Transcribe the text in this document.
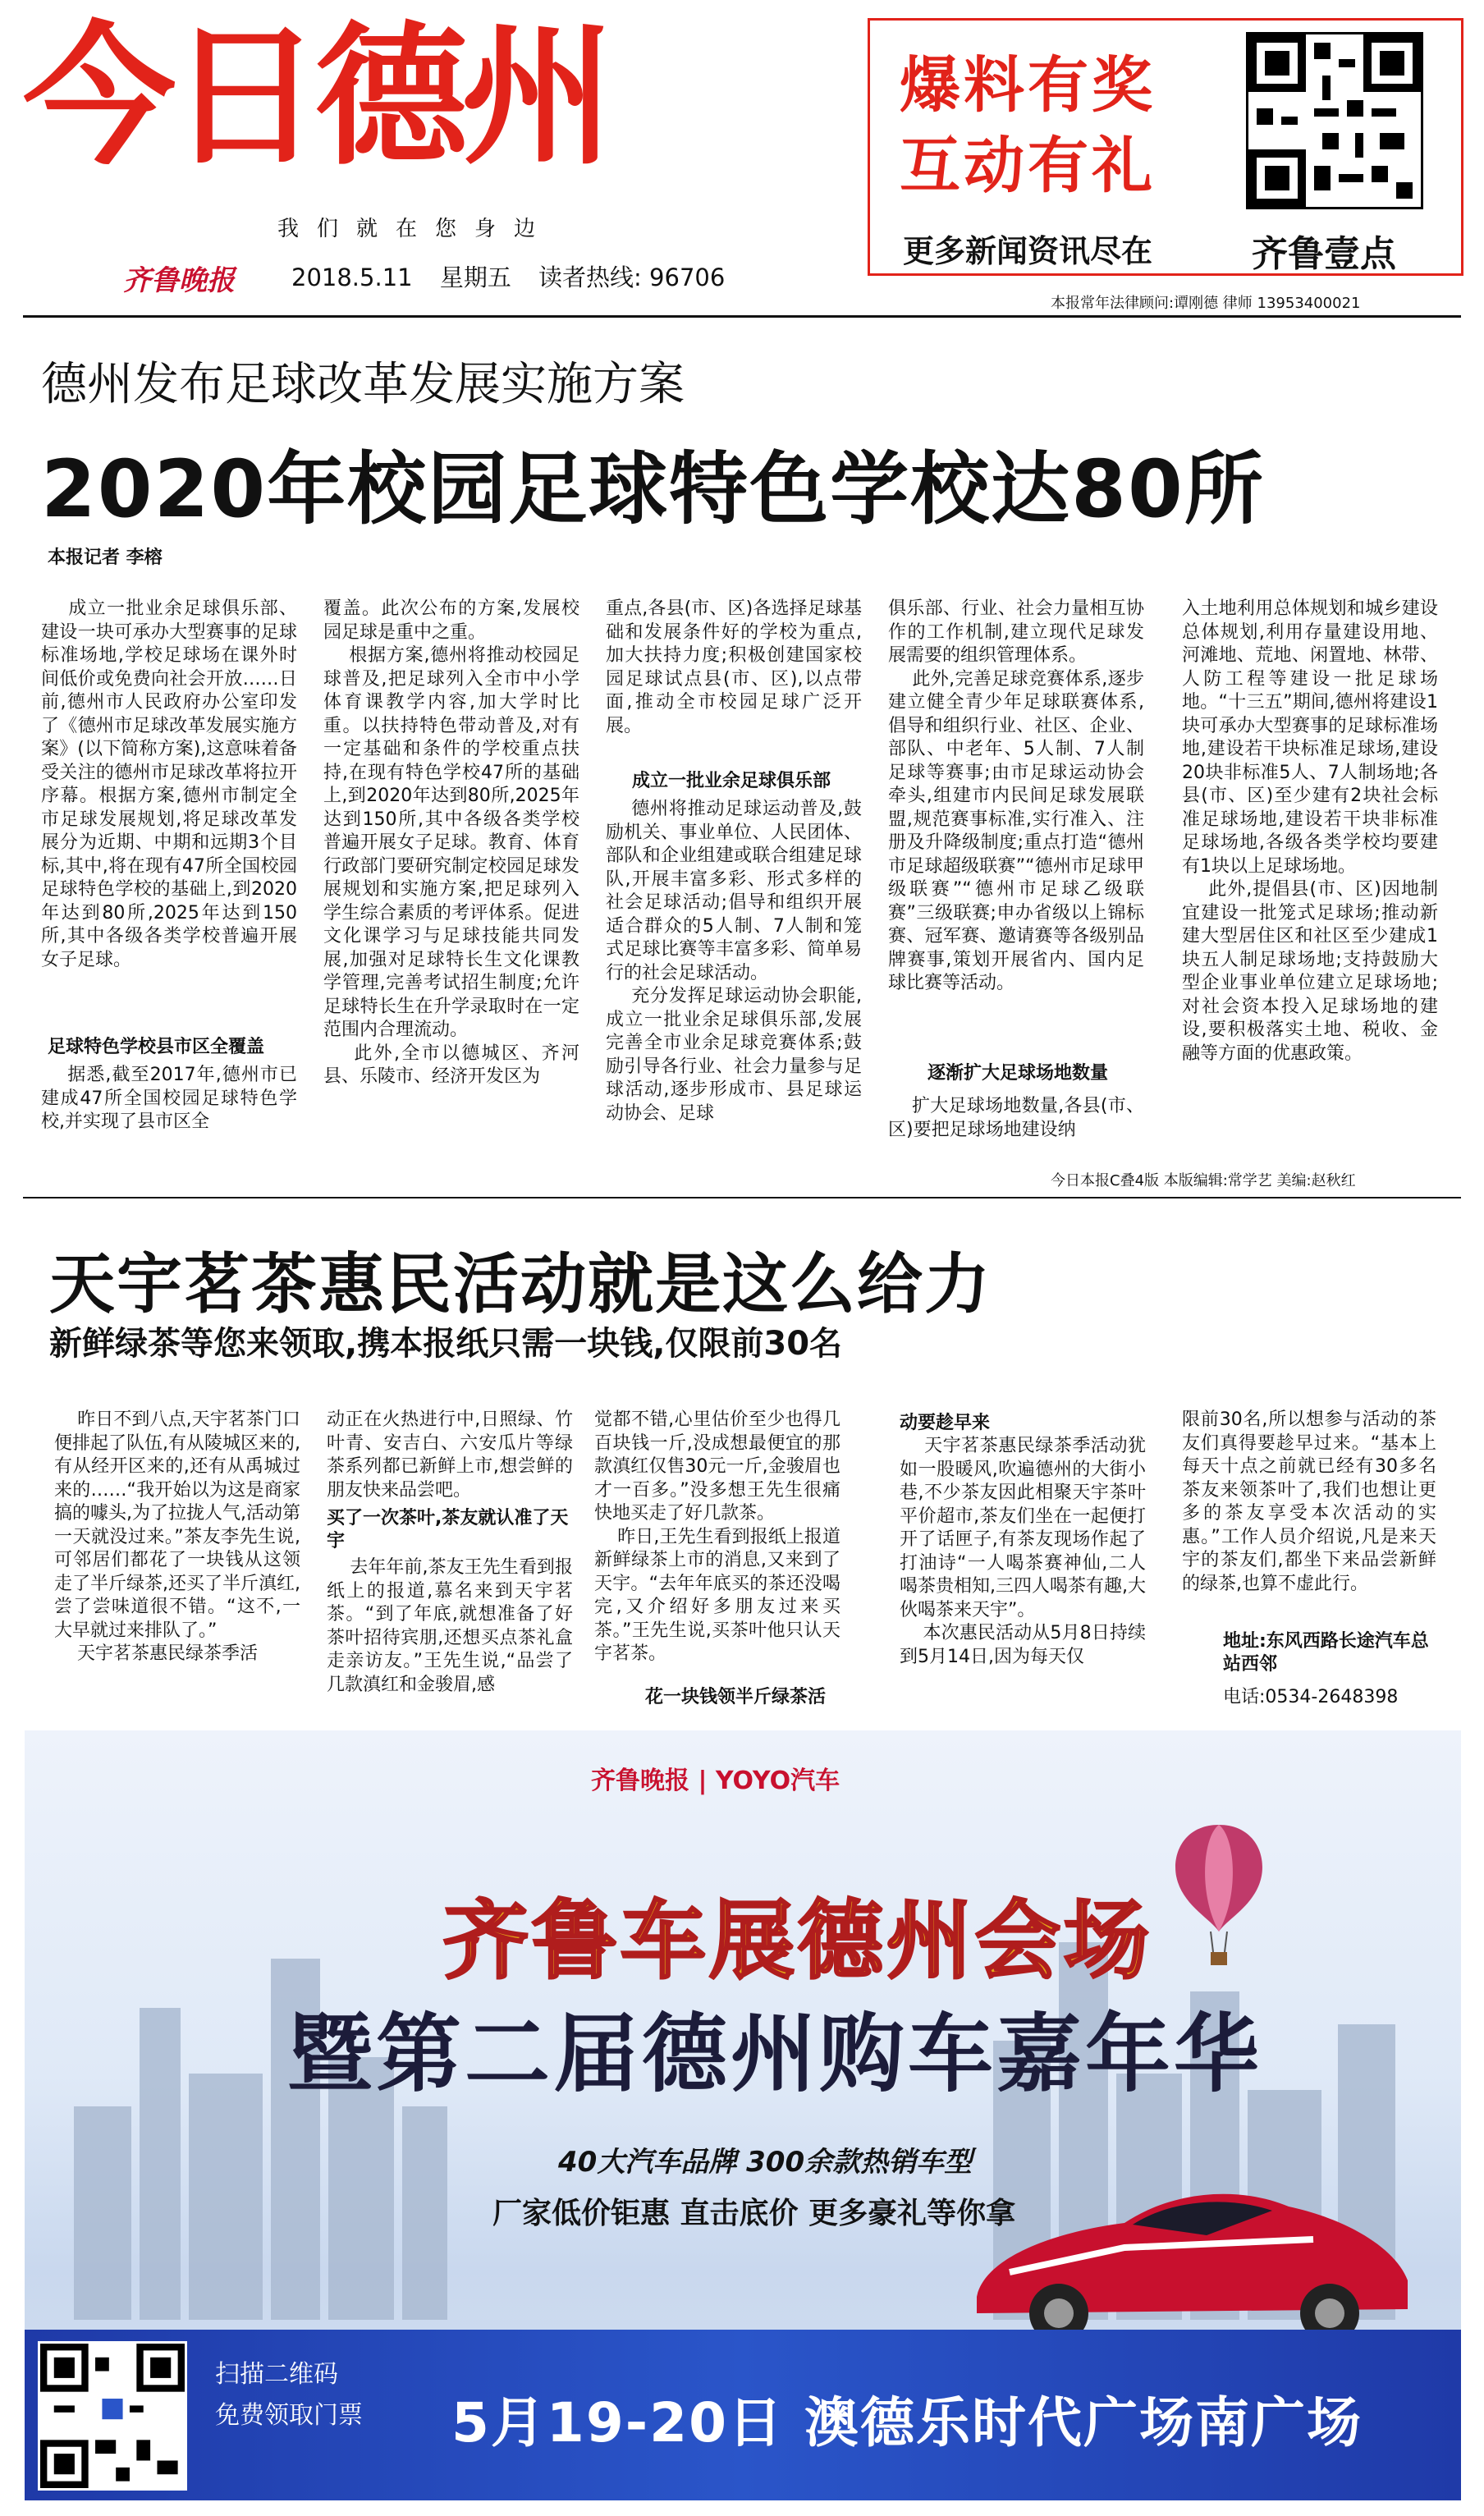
今日德州
我们就在您身边
齐鲁晚报 2018.5.11 星期五 读者热线: 96706
爆料有奖
互动有礼
更多新闻资讯尽在	齐鲁壹点
本报常年法律顾问:谭刚德 律师 13953400021
德州发布足球改革发展实施方案
2020年校园足球特色学校达80所
本报记者 李榕
成立一批业余足球俱乐部、建设一块可承办大型赛事的足球标准场地,学校足球场在课外时间低价或免费向社会开放……日前,德州市人民政府办公室印发了《德州市足球改革发展实施方案》(以下简称方案),这意味着备受关注的德州市足球改革将拉开序幕。根据方案,德州市制定全市足球发展规划,将足球改革发展分为近期、中期和远期3个目标,其中,将在现有47所全国校园足球特色学校的基础上,到2020年达到80所,2025年达到150所,其中各级各类学校普遍开展女子足球。
足球特色学校县市区全覆盖
据悉,截至2017年,德州市已建成47所全国校园足球特色学校,并实现了县市区全
覆盖。此次公布的方案,发展校园足球是重中之重。
根据方案,德州将推动校园足球普及,把足球列入全市中小学体育课教学内容,加大学时比重。以扶持特色带动普及,对有一定基础和条件的学校重点扶持,在现有特色学校47所的基础上,到2020年达到80所,2025年达到150所,其中各级各类学校普遍开展女子足球。教育、体育行政部门要研究制定校园足球发展规划和实施方案,把足球列入学生综合素质的考评体系。促进文化课学习与足球技能共同发展,加强对足球特长生文化课教学管理,完善考试招生制度;允许足球特长生在升学录取时在一定范围内合理流动。
此外,全市以德城区、齐河县、乐陵市、经济开发区为
重点,各县(市、区)各选择足球基础和发展条件好的学校为重点,加大扶持力度;积极创建国家校园足球试点县(市、区),以点带面,推动全市校园足球广泛开展。
成立一批业余足球俱乐部
德州将推动足球运动普及,鼓励机关、事业单位、人民团体、部队和企业组建或联合组建足球队,开展丰富多彩、形式多样的社会足球活动;倡导和组织开展适合群众的5人制、7人制和笼式足球比赛等丰富多彩、简单易行的社会足球活动。
充分发挥足球运动协会职能,成立一批业余足球俱乐部,发展完善全市业余足球竞赛体系;鼓励引导各行业、社会力量参与足球活动,逐步形成市、县足球运动协会、足球
俱乐部、行业、社会力量相互协作的工作机制,建立现代足球发展需要的组织管理体系。
此外,完善足球竞赛体系,逐步建立健全青少年足球联赛体系,倡导和组织行业、社区、企业、部队、中老年、5人制、7人制足球等赛事;由市足球运动协会牵头,组建市内民间足球发展联盟,规范赛事标准,实行准入、注册及升降级制度;重点打造“德州市足球超级联赛”“德州市足球甲级联赛”“德州市足球乙级联赛”三级联赛;申办省级以上锦标赛、冠军赛、邀请赛等各级别品牌赛事,策划开展省内、国内足球比赛等活动。
逐渐扩大足球场地数量
扩大足球场地数量,各县(市、区)要把足球场地建设纳
入土地利用总体规划和城乡建设总体规划,利用存量建设用地、河滩地、荒地、闲置地、林带、人防工程等建设一批足球场地。“十三五”期间,德州将建设1块可承办大型赛事的足球标准场地,建设若干块标准足球场,建设20块非标准5人、7人制场地;各县(市、区)至少建有2块社会标准足球场地,建设若干块非标准足球场地,各级各类学校均要建有1块以上足球场地。
此外,提倡县(市、区)因地制宜建设一批笼式足球场;推动新建大型居住区和社区至少建成1块五人制足球场地;支持鼓励大型企业事业单位建立足球场地;对社会资本投入足球场地的建设,要积极落实土地、税收、金融等方面的优惠政策。
今日本报C叠4版 本版编辑:常学艺 美编:赵秋红
天宇茗茶惠民活动就是这么给力
新鲜绿茶等您来领取,携本报纸只需一块钱,仅限前30名
昨日不到八点,天宇茗茶门口便排起了队伍,有从陵城区来的,有从经开区来的,还有从禹城过来的……“我开始以为这是商家搞的噱头,为了拉拢人气,活动第一天就没过来。”茶友李先生说,可邻居们都花了一块钱从这领走了半斤绿茶,还买了半斤滇红,尝了尝味道很不错。“这不,一大早就过来排队了。”
天宇茗茶惠民绿茶季活
动正在火热进行中,日照绿、竹叶青、安吉白、六安瓜片等绿茶系列都已新鲜上市,想尝鲜的朋友快来品尝吧。
买了一次茶叶,茶友就认准了天宇
去年年前,茶友王先生看到报纸上的报道,慕名来到天宇茗茶。“到了年底,就想准备了好茶叶招待宾朋,还想买点茶礼盒走亲访友。”王先生说,“品尝了几款滇红和金骏眉,感
觉都不错,心里估价至少也得几百块钱一斤,没成想最便宜的那款滇红仅售30元一斤,金骏眉也才一百多。”没多想王先生很痛快地买走了好几款茶。
昨日,王先生看到报纸上报道新鲜绿茶上市的消息,又来到了天宇。“去年年底买的茶还没喝完,又介绍好多朋友过来买茶。”王先生说,买茶叶他只认天宇茗茶。
花一块钱领半斤绿茶活
动要趁早来
天宇茗茶惠民绿茶季活动犹如一股暖风,吹遍德州的大街小巷,不少茶友因此相聚天宇茶叶平价超市,茶友们坐在一起便打开了话匣子,有茶友现场作起了打油诗“一人喝茶赛神仙,二人喝茶贵相知,三四人喝茶有趣,大伙喝茶来天宇”。
本次惠民活动从5月8日持续到5月14日,因为每天仅
限前30名,所以想参与活动的茶友们真得要趁早过来。“基本上每天十点之前就已经有30多名茶友来领茶叶了,我们也想让更多的茶友享受本次活动的实惠。”工作人员介绍说,凡是来天宇的茶友们,都坐下来品尝新鲜的绿茶,也算不虚此行。
地址:东风西路长途汽车总站西邻
电话:0534-2648398
齐鲁晚报 | YOYO汽车
齐鲁车展德州会场
暨第二届德州购车嘉年华
40大汽车品牌 300余款热销车型
厂家低价钜惠 直击底价 更多豪礼等你拿
扫描二维码
免费领取门票 5月19-20日 澳德乐时代广场南广场
